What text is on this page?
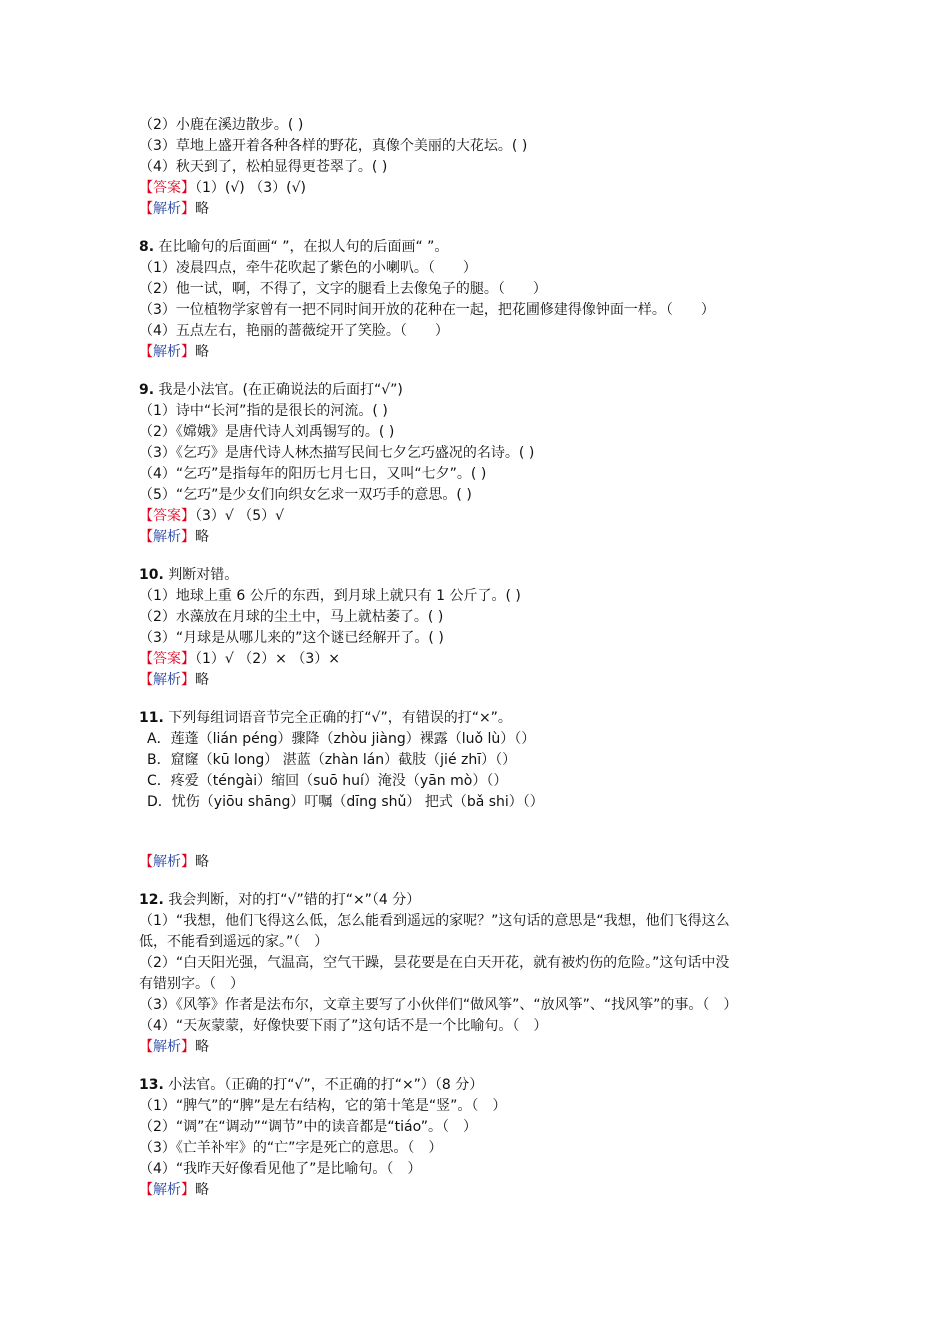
（2）小鹿在溪边散步。( )
（3）草地上盛开着各种各样的野花，真像个美丽的大花坛。( )
（4）秋天到了，松柏显得更苍翠了。( )
【答案】（1）(√) （3）(√)
【解析】略
8. 在比喻句的后面画“ ”，在拟人句的后面画“ ”。
（1）凌晨四点，牵牛花吹起了紫色的小喇叭。（　　）
（2）他一试，啊，不得了，文字的腿看上去像兔子的腿。（　　）
（3）一位植物学家曾有一把不同时间开放的花种在一起，把花圃修建得像钟面一样。（　　）
（4）五点左右，艳丽的蔷薇绽开了笑脸。（　　）
【解析】略
9. 我是小法官。(在正确说法的后面打“√”)
（1）诗中“长河”指的是很长的河流。( )
（2）《嫦娥》是唐代诗人刘禹锡写的。( )
（3）《乞巧》是唐代诗人林杰描写民间七夕乞巧盛况的名诗。( )
（4）“乞巧”是指每年的阳历七月七日，又叫“七夕”。( )
（5）“乞巧”是少女们向织女乞求一双巧手的意思。( )
【答案】（3）√ （5）√
【解析】略
10. 判断对错。
（1）地球上重 6 公斤的东西，到月球上就只有 1 公斤了。( )
（2）水藻放在月球的尘土中，马上就枯萎了。( )
（3）“月球是从哪儿来的”这个谜已经解开了。( )
【答案】（1）√ （2）× （3）×
【解析】略
11. 下列每组词语音节完全正确的打“√”，有错误的打“×”。
A．莲蓬（lián péng）骤降（zhòu jiàng）裸露（luǒ lù）（）
B．窟窿（kū long） 湛蓝（zhàn lán）截肢（jié zhī）（）
C．疼爱（téngài）缩回（suō huí）淹没（yān mò）（）
D．忧伤（yiōu shāng）叮嘱（dīng shǔ） 把式（bǎ shi）（）
【解析】略
12. 我会判断，对的打“√”错的打“×”（4 分）
（1）“我想，他们飞得这么低，怎么能看到遥远的家呢？”这句话的意思是“我想，他们飞得这么
低，不能看到遥远的家。”（　）
（2）“白天阳光强，气温高，空气干躁，昙花要是在白天开花，就有被灼伤的危险。”这句话中没
有错别字。（　）
（3）《风筝》作者是法布尔，文章主要写了小伙伴们“做风筝”、“放风筝”、“找风筝”的事。（　）
（4）“天灰蒙蒙，好像快要下雨了”这句话不是一个比喻句。（　）
【解析】略
13. 小法官。（正确的打“√”，不正确的打“×”）（8 分）
（1）“脾气”的“脾”是左右结构，它的第十笔是“竖”。（　）
（2）“调”在“调动”“调节”中的读音都是“tiáo”。（　）
（3）《亡羊补牢》的“亡”字是死亡的意思。（　）
（4）“我昨天好像看见他了”是比喻句。（　）
【解析】略
